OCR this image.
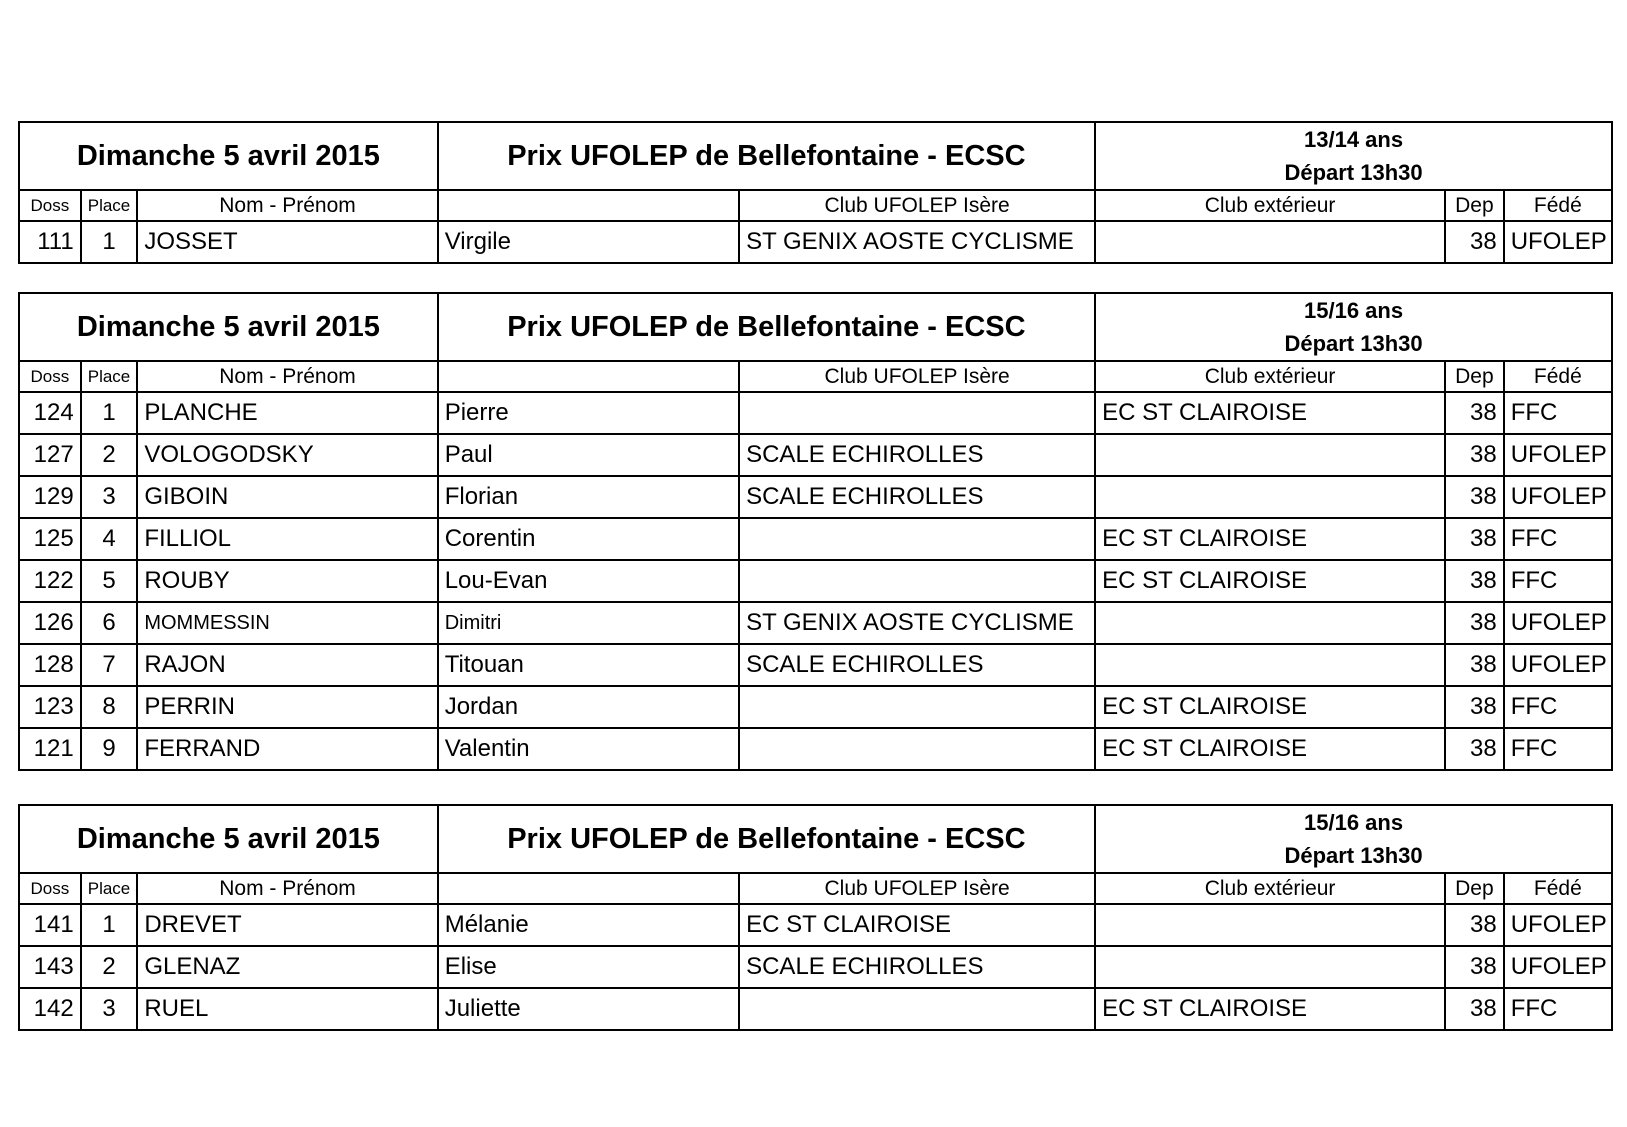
Dimanche 5 avril 2015			Prix UFOLEP de Bellefontaine - ECSC		13/14 ans
Départ 13h30		

Doss	Place	Nom - Prénom		Club UFOLEP Isère	Club extérieur	Dep	Fédé
111	1	JOSSET	Virgile	ST GENIX AOSTE CYCLISME		38	UFOLEP
Dimanche 5 avril 2015			Prix UFOLEP de Bellefontaine - ECSC		15/16 ans
Départ 13h30		

Doss	Place	Nom - Prénom		Club UFOLEP Isère	Club extérieur	Dep	Fédé
124	1	PLANCHE	Pierre		EC ST CLAIROISE	38	FFC
127	2	VOLOGODSKY	Paul	SCALE ECHIROLLES		38	UFOLEP
129	3	GIBOIN	Florian	SCALE ECHIROLLES		38	UFOLEP
125	4	FILLIOL	Corentin		EC ST CLAIROISE	38	FFC
122	5	ROUBY	Lou-Evan		EC ST CLAIROISE	38	FFC
126	6	MOMMESSIN	Dimitri	ST GENIX AOSTE CYCLISME		38	UFOLEP
128	7	RAJON	Titouan	SCALE ECHIROLLES		38	UFOLEP
123	8	PERRIN	Jordan		EC ST CLAIROISE	38	FFC
121	9	FERRAND	Valentin		EC ST CLAIROISE	38	FFC
Dimanche 5 avril 2015			Prix UFOLEP de Bellefontaine - ECSC		15/16 ans
Départ 13h30		

Doss	Place	Nom - Prénom		Club UFOLEP Isère	Club extérieur	Dep	Fédé
141	1	DREVET	Mélanie	EC ST CLAIROISE		38	UFOLEP
143	2	GLENAZ	Elise	SCALE ECHIROLLES		38	UFOLEP
142	3	RUEL	Juliette		EC ST CLAIROISE	38	FFC
